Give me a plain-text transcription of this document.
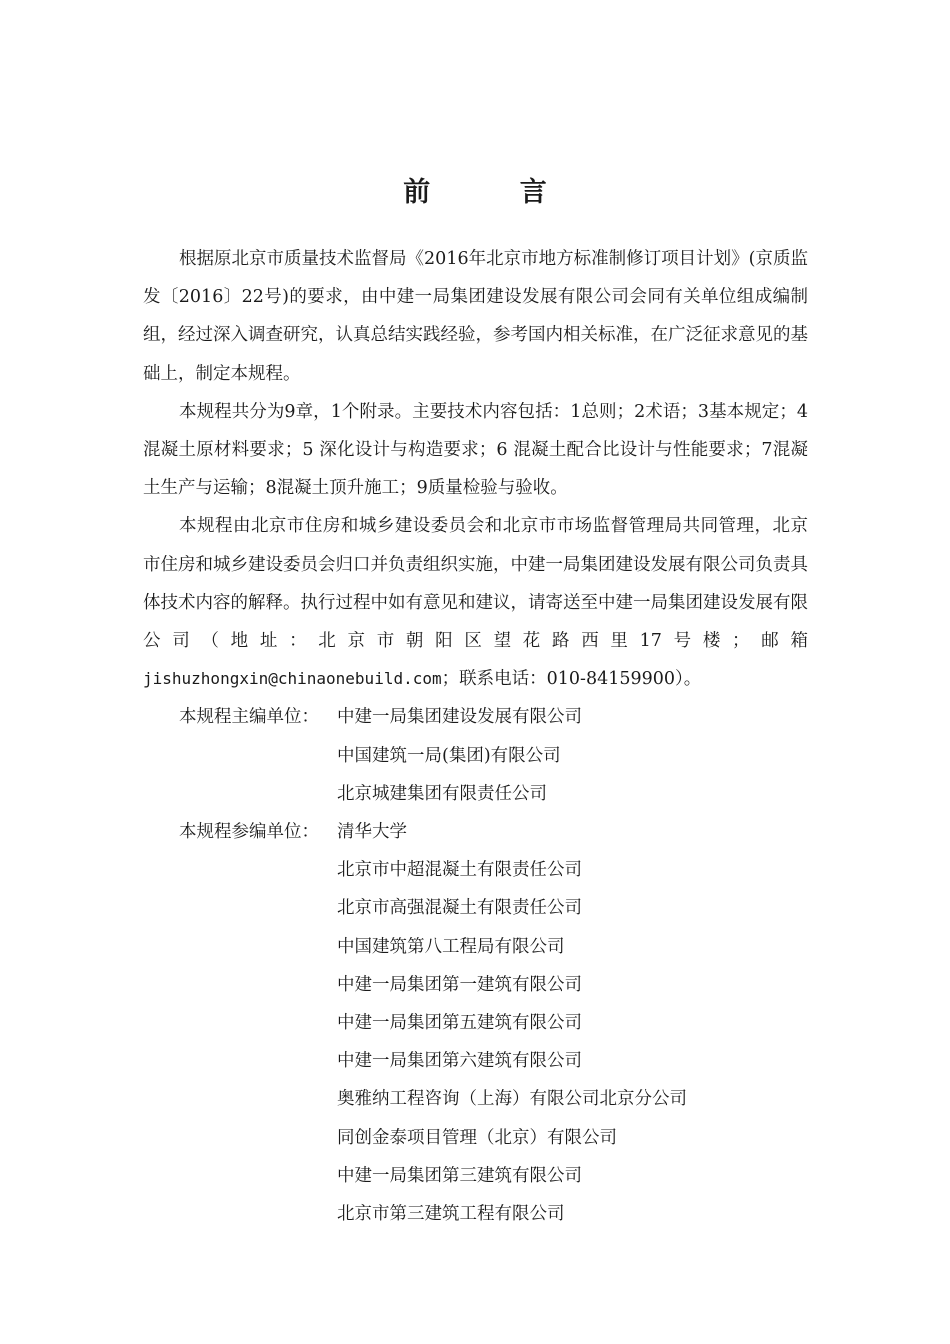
前 言

根据原北京市质量技术监督局《2016年北京市地方标准制修订项目计划》(京质监发〔2016〕22号)的要求，由中建一局集团建设发展有限公司会同有关单位组成编制组，经过深入调查研究，认真总结实践经验，参考国内相关标准，在广泛征求意见的基础上，制定本规程。

本规程共分为9章，1个附录。主要技术内容包括：1总则；2术语；3基本规定；4 混凝土原材料要求；5 深化设计与构造要求；6 混凝土配合比设计与性能要求；7混凝土生产与运输；8混凝土顶升施工；9质量检验与验收。

本规程由北京市住房和城乡建设委员会和北京市市场监督管理局共同管理，北京市住房和城乡建设委员会归口并负责组织实施，中建一局集团建设发展有限公司负责具体技术内容的解释。执行过程中如有意见和建议，请寄送至中建一局集团建设发展有限公司（地址：北京市朝阳区望花路西里17号楼；邮箱jishuzhongxin@chinaonebuild.com；联系电话：010-84159900）。

本规程主编单位：	中建一局集团建设发展有限公司
中国建筑一局(集团)有限公司
北京城建集团有限责任公司
本规程参编单位：	清华大学
北京市中超混凝土有限责任公司
北京市高强混凝土有限责任公司
中国建筑第八工程局有限公司
中建一局集团第一建筑有限公司
中建一局集团第五建筑有限公司
中建一局集团第六建筑有限公司
奥雅纳工程咨询（上海）有限公司北京分公司
同创金泰项目管理（北京）有限公司
中建一局集团第三建筑有限公司
北京市第三建筑工程有限公司
